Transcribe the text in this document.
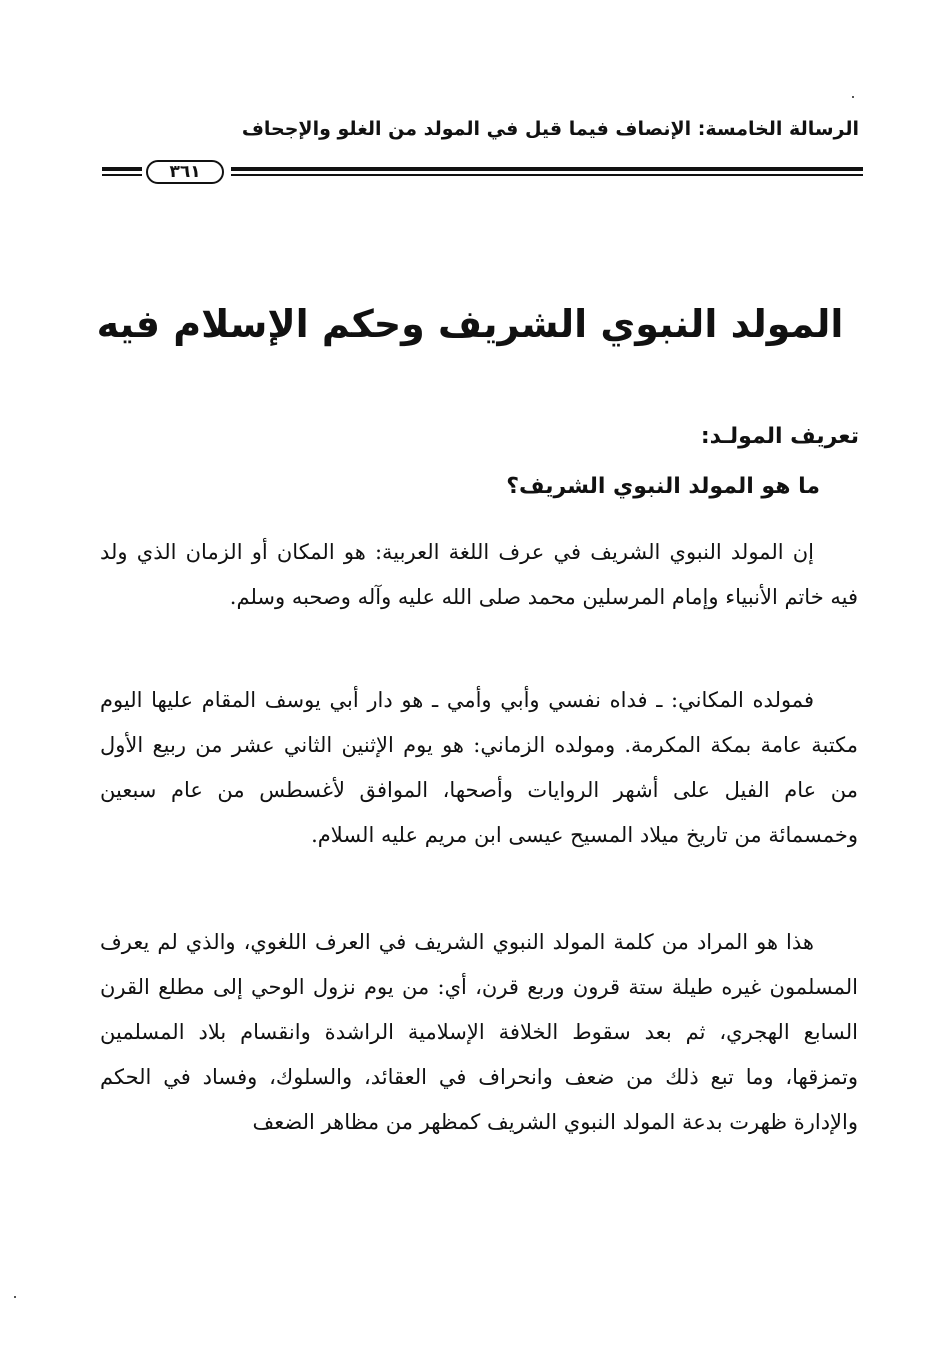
الرسالة الخامسة: الإنصاف فيما قيل في المولد من الغلو والإجحاف
٣٦١
المولد النبوي الشريف وحكم الإسلام فيه
تعريف المولـد:
ما هو المولد النبوي الشريف؟

إن المولد النبوي الشريف في عرف اللغة العربية: هو المكان أو الزمان الذي ولد فيه خاتم الأنبياء وإمام المرسلين محمد صلى الله عليه وآله وصحبه وسلم.

فمولده المكاني: ـ فداه نفسي وأبي وأمي ـ هو دار أبي يوسف المقام عليها اليوم مكتبة عامة بمكة المكرمة. ومولده الزماني: هو يوم الإثنين الثاني عشر من ربيع الأول من عام الفيل على أشهر الروايات وأصحها، الموافق لأغسطس من عام سبعين وخمسمائة من تاريخ ميلاد المسيح عيسى ابن مريم عليه السلام.

هذا هو المراد من كلمة المولد النبوي الشريف في العرف اللغوي، والذي لم يعرف المسلمون غيره طيلة ستة قرون وربع قرن، أي: من يوم نزول الوحي إلى مطلع القرن السابع الهجري، ثم بعد سقوط الخلافة الإسلامية الراشدة وانقسام بلاد المسلمين وتمزقها، وما تبع ذلك من ضعف وانحراف في العقائد، والسلوك، وفساد في الحكم والإدارة ظهرت بدعة المولد النبوي الشريف كمظهر من مظاهر الضعف
